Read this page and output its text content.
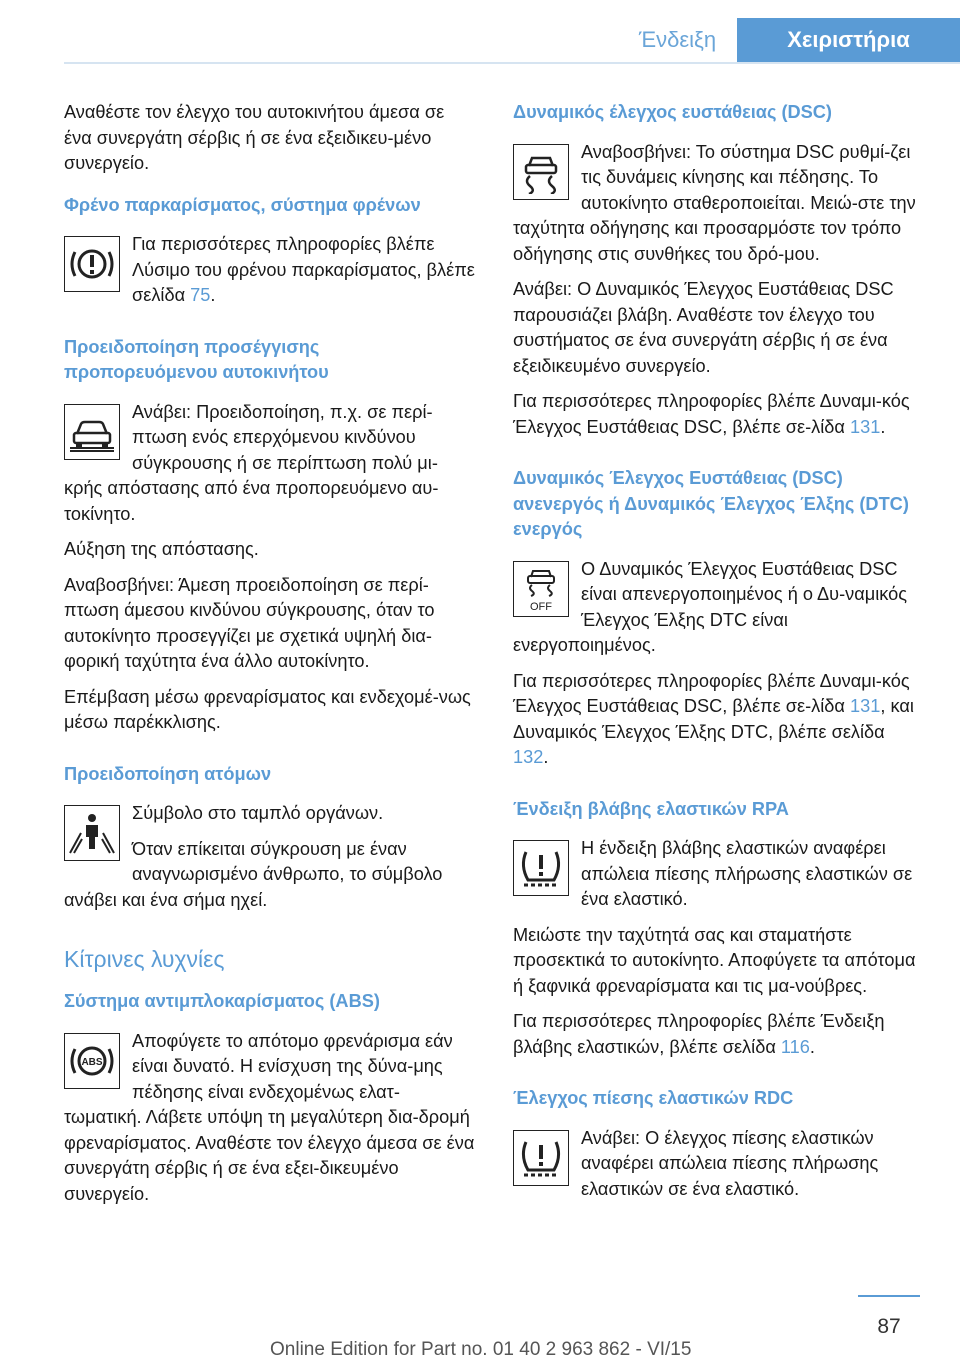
Ένδειξη	Χειριστήρια

Αναθέστε τον έλεγχο του αυτοκινήτου άμεσα σε ένα συνεργάτη σέρβις ή σε ένα εξειδικευ‐μένο συνεργείο.

Φρένο παρκαρίσματος, σύστημα φρένων

Για περισσότερες πληροφορίες βλέπε Λύσιμο του φρένου παρκαρίσματος, βλέπε σελίδα 75.

Προειδοποίηση προσέγγισης προπορευόμενου αυτοκινήτου

Ανάβει: Προειδοποίηση, π.χ. σε περί‐πτωση ενός επερχόμενου κινδύνου σύγκρουσης ή σε περίπτωση πολύ μι‐κρής απόστασης από ένα προπορευόμενο αυ‐τοκίνητο.

Αύξηση της απόστασης.

Αναβοσβήνει: Άμεση προειδοποίηση σε περί‐πτωση άμεσου κινδύνου σύγκρουσης, όταν το αυτοκίνητο προσεγγίζει με σχετικά υψηλή δια‐φορική ταχύτητα ένα άλλο αυτοκίνητο.

Επέμβαση μέσω φρεναρίσματος και ενδεχομέ‐νως μέσω παρέκκλισης.

Προειδοποίηση ατόμων

Σύμβολο στο ταμπλό οργάνων.

Όταν επίκειται σύγκρουση με έναν αναγνωρισμένο άνθρωπο, το σύμβολο ανάβει και ένα σήμα ηχεί.

Κίτρινες λυχνίες
Σύστημα αντιμπλοκαρίσματος (ABS)
ABS

Αποφύγετε το απότομο φρενάρισμα εάν είναι δυνατό. Η ενίσχυση της δύνα‐μης πέδησης είναι ενδεχομένως ελατ‐τωματική. Λάβετε υπόψη τη μεγαλύτερη δια‐δρομή φρεναρίσματος. Αναθέστε τον έλεγχο άμεσα σε ένα συνεργάτη σέρβις ή σε ένα εξει‐δικευμένο συνεργείο.

Δυναμικός έλεγχος ευστάθειας (DSC)

Αναβοσβήνει: Το σύστημα DSC ρυθμί‐ζει τις δυνάμεις κίνησης και πέδησης. Το αυτοκίνητο σταθεροποιείται. Μειώ‐στε την ταχύτητα οδήγησης και προσαρμόστε τον τρόπο οδήγησης στις συνθήκες του δρό‐μου.

Ανάβει: Ο Δυναμικός Έλεγχος Ευστάθειας DSC παρουσιάζει βλάβη. Αναθέστε τον έλεγχο του συστήματος σε ένα συνεργάτη σέρβις ή σε ένα εξειδικευμένο συνεργείο.

Για περισσότερες πληροφορίες βλέπε Δυναμι‐κός Έλεγχος Ευστάθειας DSC, βλέπε σε‐λίδα 131.

Δυναμικός Έλεγχος Ευστάθειας (DSC) ανενεργός ή Δυναμικός Έλεγχος Έλξης (DTC) ενεργός
OFF

Ο Δυναμικός Έλεγχος Ευστάθειας DSC είναι απενεργοποιημένος ή ο Δυ‐ναμικός Έλεγχος Έλξης DTC είναι ενεργοποιημένος.

Για περισσότερες πληροφορίες βλέπε Δυναμι‐κός Έλεγχος Ευστάθειας DSC, βλέπε σε‐λίδα 131, και Δυναμικός Έλεγχος Έλξης DTC, βλέπε σελίδα 132.

Ένδειξη βλάβης ελαστικών RPA

Η ένδειξη βλάβης ελαστικών αναφέρει απώλεια πίεσης πλήρωσης ελαστικών σε ένα ελαστικό.

Μειώστε την ταχύτητά σας και σταματήστε προσεκτικά το αυτοκίνητο. Αποφύγετε τα απότομα ή ξαφνικά φρεναρίσματα και τις μα‐νούβρες.

Για περισσότερες πληροφορίες βλέπε Ένδειξη βλάβης ελαστικών, βλέπε σελίδα 116.

Έλεγχος πίεσης ελαστικών RDC

Ανάβει: Ο έλεγχος πίεσης ελαστικών αναφέρει απώλεια πίεσης πλήρωσης ελαστικών σε ένα ελαστικό.

87
Online Edition for Part no. 01 40 2 963 862 - VI/15
